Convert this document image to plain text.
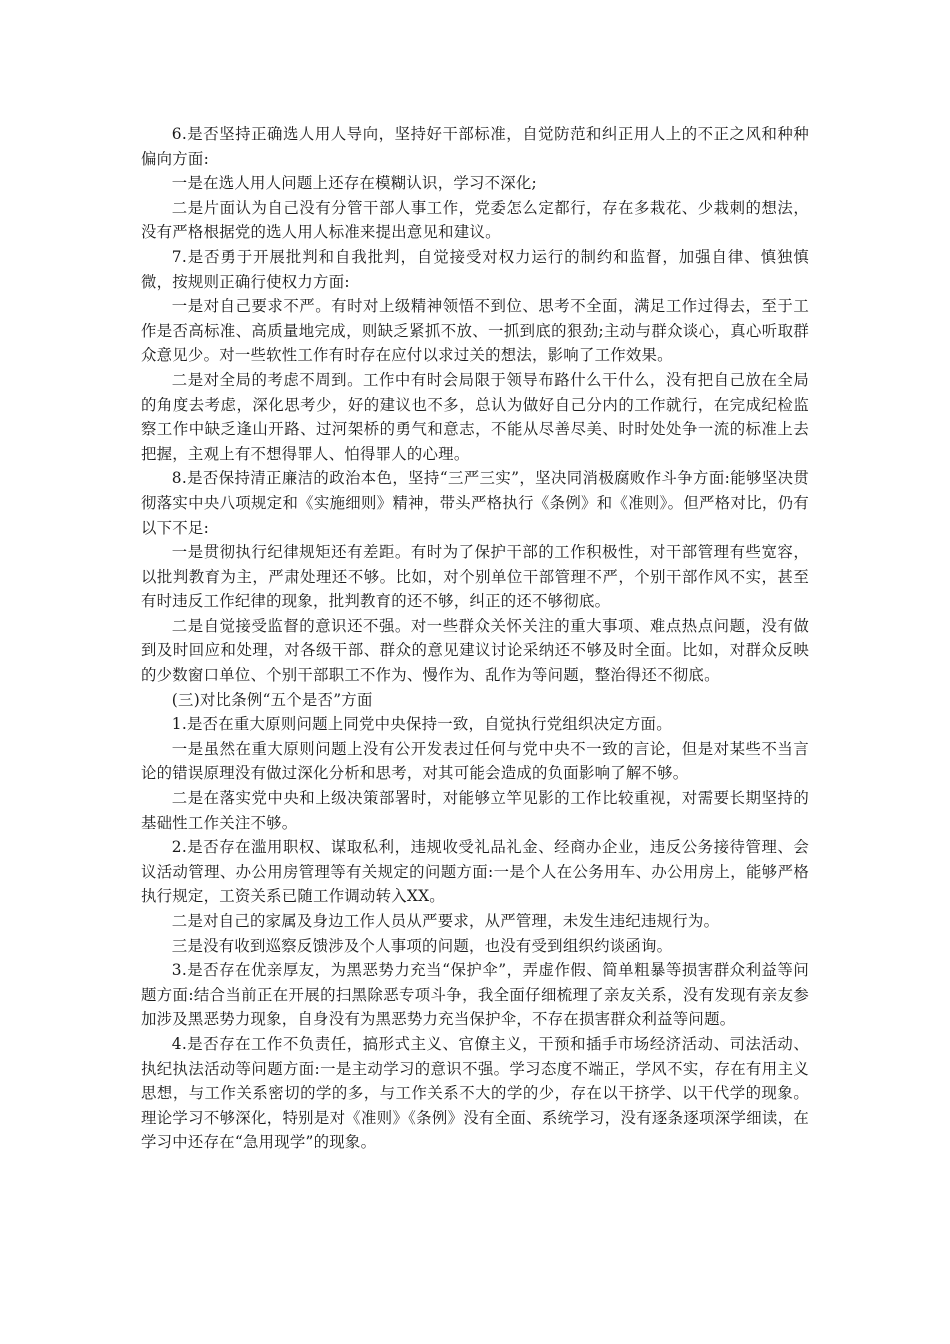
6.是否坚持正确选人用人导向，坚持好干部标准，自觉防范和纠正用人上的不正之风和种种偏向方面:

一是在选人用人问题上还存在模糊认识，学习不深化;

二是片面认为自己没有分管干部人事工作，党委怎么定都行，存在多栽花、少栽刺的想法，没有严格根据党的选人用人标准来提出意见和建议。

7.是否勇于开展批判和自我批判，自觉接受对权力运行的制约和监督，加强自律、慎独慎微，按规则正确行使权力方面:

一是对自己要求不严。有时对上级精神领悟不到位、思考不全面，满足工作过得去，至于工作是否高标准、高质量地完成，则缺乏紧抓不放、一抓到底的狠劲;主动与群众谈心，真心听取群众意见少。对一些软性工作有时存在应付以求过关的想法，影响了工作效果。

二是对全局的考虑不周到。工作中有时会局限于领导布路什么干什么，没有把自己放在全局的角度去考虑，深化思考少，好的建议也不多，总认为做好自己分内的工作就行，在完成纪检监察工作中缺乏逢山开路、过河架桥的勇气和意志，不能从尽善尽美、时时处处争一流的标准上去把握，主观上有不想得罪人、怕得罪人的心理。

8.是否保持清正廉洁的政治本色，坚持“三严三实”，坚决同消极腐败作斗争方面:能够坚决贯彻落实中央八项规定和《实施细则》精神，带头严格执行《条例》和《准则》。但严格对比，仍有以下不足:

一是贯彻执行纪律规矩还有差距。有时为了保护干部的工作积极性，对干部管理有些宽容，以批判教育为主，严肃处理还不够。比如，对个别单位干部管理不严，个别干部作风不实，甚至有时违反工作纪律的现象，批判教育的还不够，纠正的还不够彻底。

二是自觉接受监督的意识还不强。对一些群众关怀关注的重大事项、难点热点问题，没有做到及时回应和处理，对各级干部、群众的意见建议讨论采纳还不够及时全面。比如，对群众反映的少数窗口单位、个别干部职工不作为、慢作为、乱作为等问题，整治得还不彻底。

(三)对比条例“五个是否”方面

1.是否在重大原则问题上同党中央保持一致，自觉执行党组织决定方面。

一是虽然在重大原则问题上没有公开发表过任何与党中央不一致的言论，但是对某些不当言论的错误原理没有做过深化分析和思考，对其可能会造成的负面影响了解不够。

二是在落实党中央和上级决策部署时，对能够立竿见影的工作比较重视，对需要长期坚持的基础性工作关注不够。

2.是否存在滥用职权、谋取私利，违规收受礼品礼金、经商办企业，违反公务接待管理、会议活动管理、办公用房管理等有关规定的问题方面:一是个人在公务用车、办公用房上，能够严格执行规定，工资关系已随工作调动转入XX。

二是对自己的家属及身边工作人员从严要求，从严管理，未发生违纪违规行为。

三是没有收到巡察反馈涉及个人事项的问题，也没有受到组织约谈函询。

3.是否存在优亲厚友，为黑恶势力充当“保护伞”，弄虚作假、简单粗暴等损害群众利益等问题方面:结合当前正在开展的扫黑除恶专项斗争，我全面仔细梳理了亲友关系，没有发现有亲友参加涉及黑恶势力现象，自身没有为黑恶势力充当保护伞，不存在损害群众利益等问题。

4.是否存在工作不负责任，搞形式主义、官僚主义，干预和插手市场经济活动、司法活动、执纪执法活动等问题方面:一是主动学习的意识不强。学习态度不端正，学风不实，存在有用主义思想，与工作关系密切的学的多，与工作关系不大的学的少，存在以干挤学、以干代学的现象。理论学习不够深化，特别是对《准则》《条例》没有全面、系统学习，没有逐条逐项深学细读，在学习中还存在“急用现学”的现象。
